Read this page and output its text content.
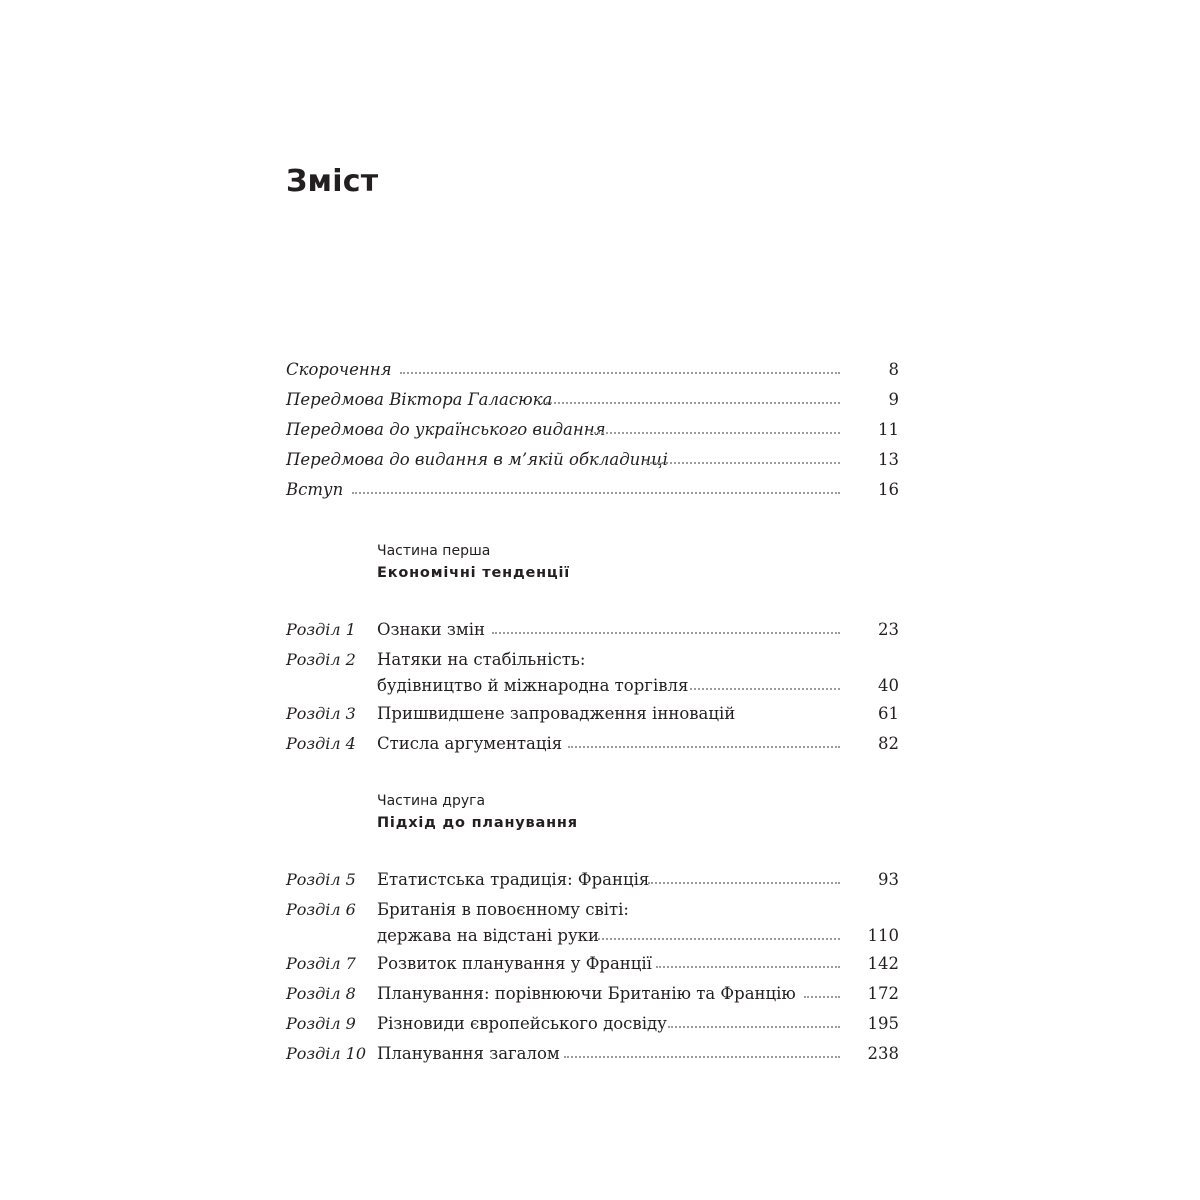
Зміст
Скорочення	8
Передмова Віктора Галасюка	9
Передмова до українського видання	11
Передмова до видання в м’якій обкладинці	13
Вступ	16
Частина перша
Економічні тенденції
Розділ 1 Ознаки змін	23
Розділ 2 Натяки на стабільність:
будівництво й міжнародна торгівля	40
Розділ 3 Пришвидшене запровадження інновацій	61
Розділ 4 Стисла аргументація	82
Частина друга
Підхід до планування
Розділ 5 Етатистська традиція: Франція	93
Розділ 6 Британія в повоєнному світі:
держава на відстані руки	110
Розділ 7 Розвиток планування у Франції	142
Розділ 8 Планування: порівнюючи Британію та Францію	172
Розділ 9 Різновиди європейського досвіду	195
Розділ 10 Планування загалом	238
